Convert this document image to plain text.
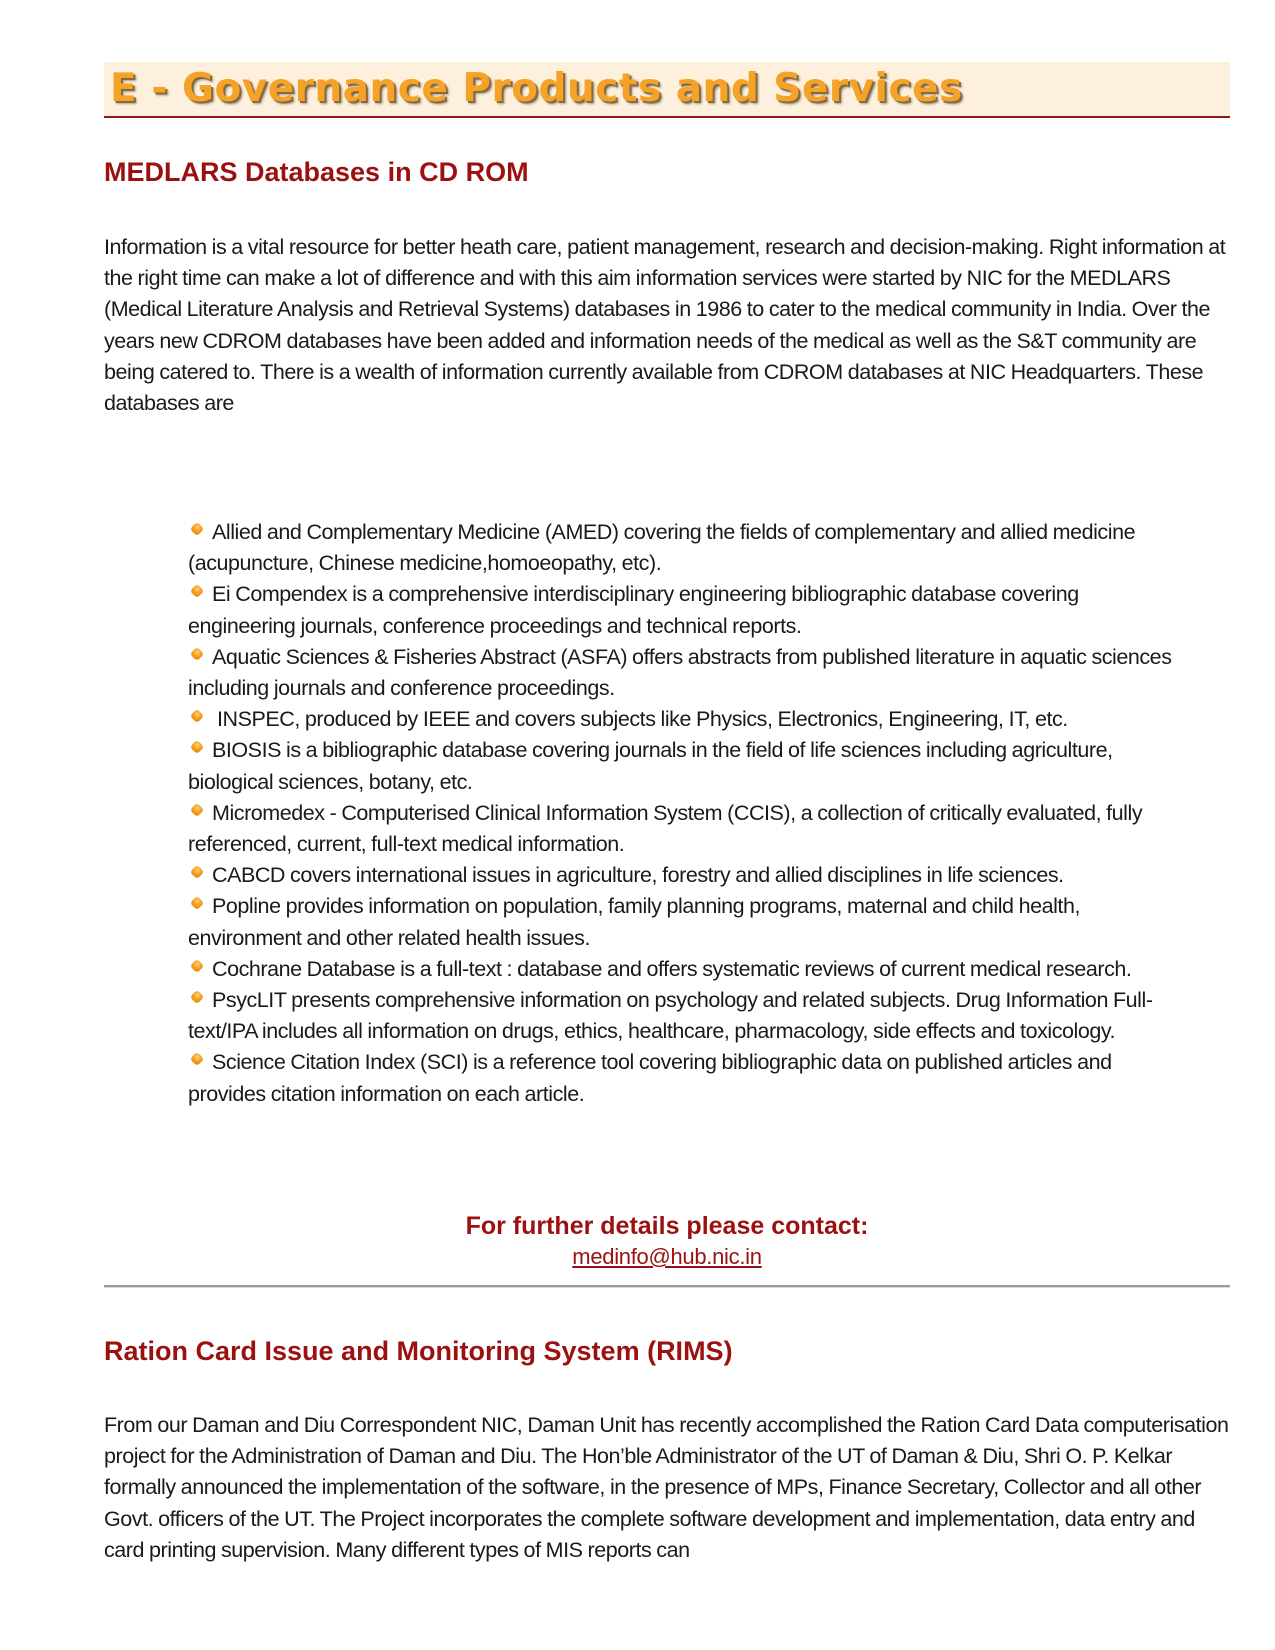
E - Governance Products and Services
MEDLARS Databases in CD ROM

Information is a vital resource for better heath care, patient management, research and decision-making. Right information at the right time can make a lot of difference and with this aim information services were started by NIC for the MEDLARS (Medical Literature Analysis and Retrieval Systems) databases in 1986 to cater to the medical community in India. Over the years new CDROM databases have been added and information needs of the medical as well as the S&T community are being catered to. There is a wealth of information currently available from CDROM databases at NIC Headquarters. These databases are

Allied and Complementary Medicine (AMED) covering the fields of complementary and allied medicine (acupuncture, Chinese medicine,homoeopathy, etc).
Ei Compendex is a comprehensive interdisciplinary engineering bibliographic database covering engineering journals, conference proceedings and technical reports.
Aquatic Sciences & Fisheries Abstract (ASFA) offers abstracts from published literature in aquatic sciences including journals and conference proceedings.
INSPEC, produced by IEEE and covers subjects like Physics, Electronics, Engineering, IT, etc.
BIOSIS is a bibliographic database covering journals in the field of life sciences including agriculture, biological sciences, botany, etc.
Micromedex - Computerised Clinical Information System (CCIS), a collection of critically evaluated, fully referenced, current, full-text medical information.
CABCD covers international issues in agriculture, forestry and allied disciplines in life sciences.
Popline provides information on population, family planning programs, maternal and child health, environment and other related health issues.
Cochrane Database is a full-text : database and offers systematic reviews of current medical research.
PsycLIT presents comprehensive information on psychology and related subjects. Drug Information Full-text/IPA includes all information on drugs, ethics, healthcare, pharmacology, side effects and toxicology.
Science Citation Index (SCI) is a reference tool covering bibliographic data on published articles and provides citation information on each article.

For further details please contact:

medinfo@hub.nic.in
Ration Card Issue and Monitoring System (RIMS)

From our Daman and Diu Correspondent NIC, Daman Unit has recently accomplished the Ration Card Data computerisation project for the Administration of Daman and Diu. The Hon’ble Administrator of the UT of Daman & Diu, Shri O. P. Kelkar formally announced the implementation of the software, in the presence of MPs, Finance Secretary, Collector and all other Govt. officers of the UT. The Project incorporates the complete software development and implementation, data entry and card printing supervision. Many different types of MIS reports can
